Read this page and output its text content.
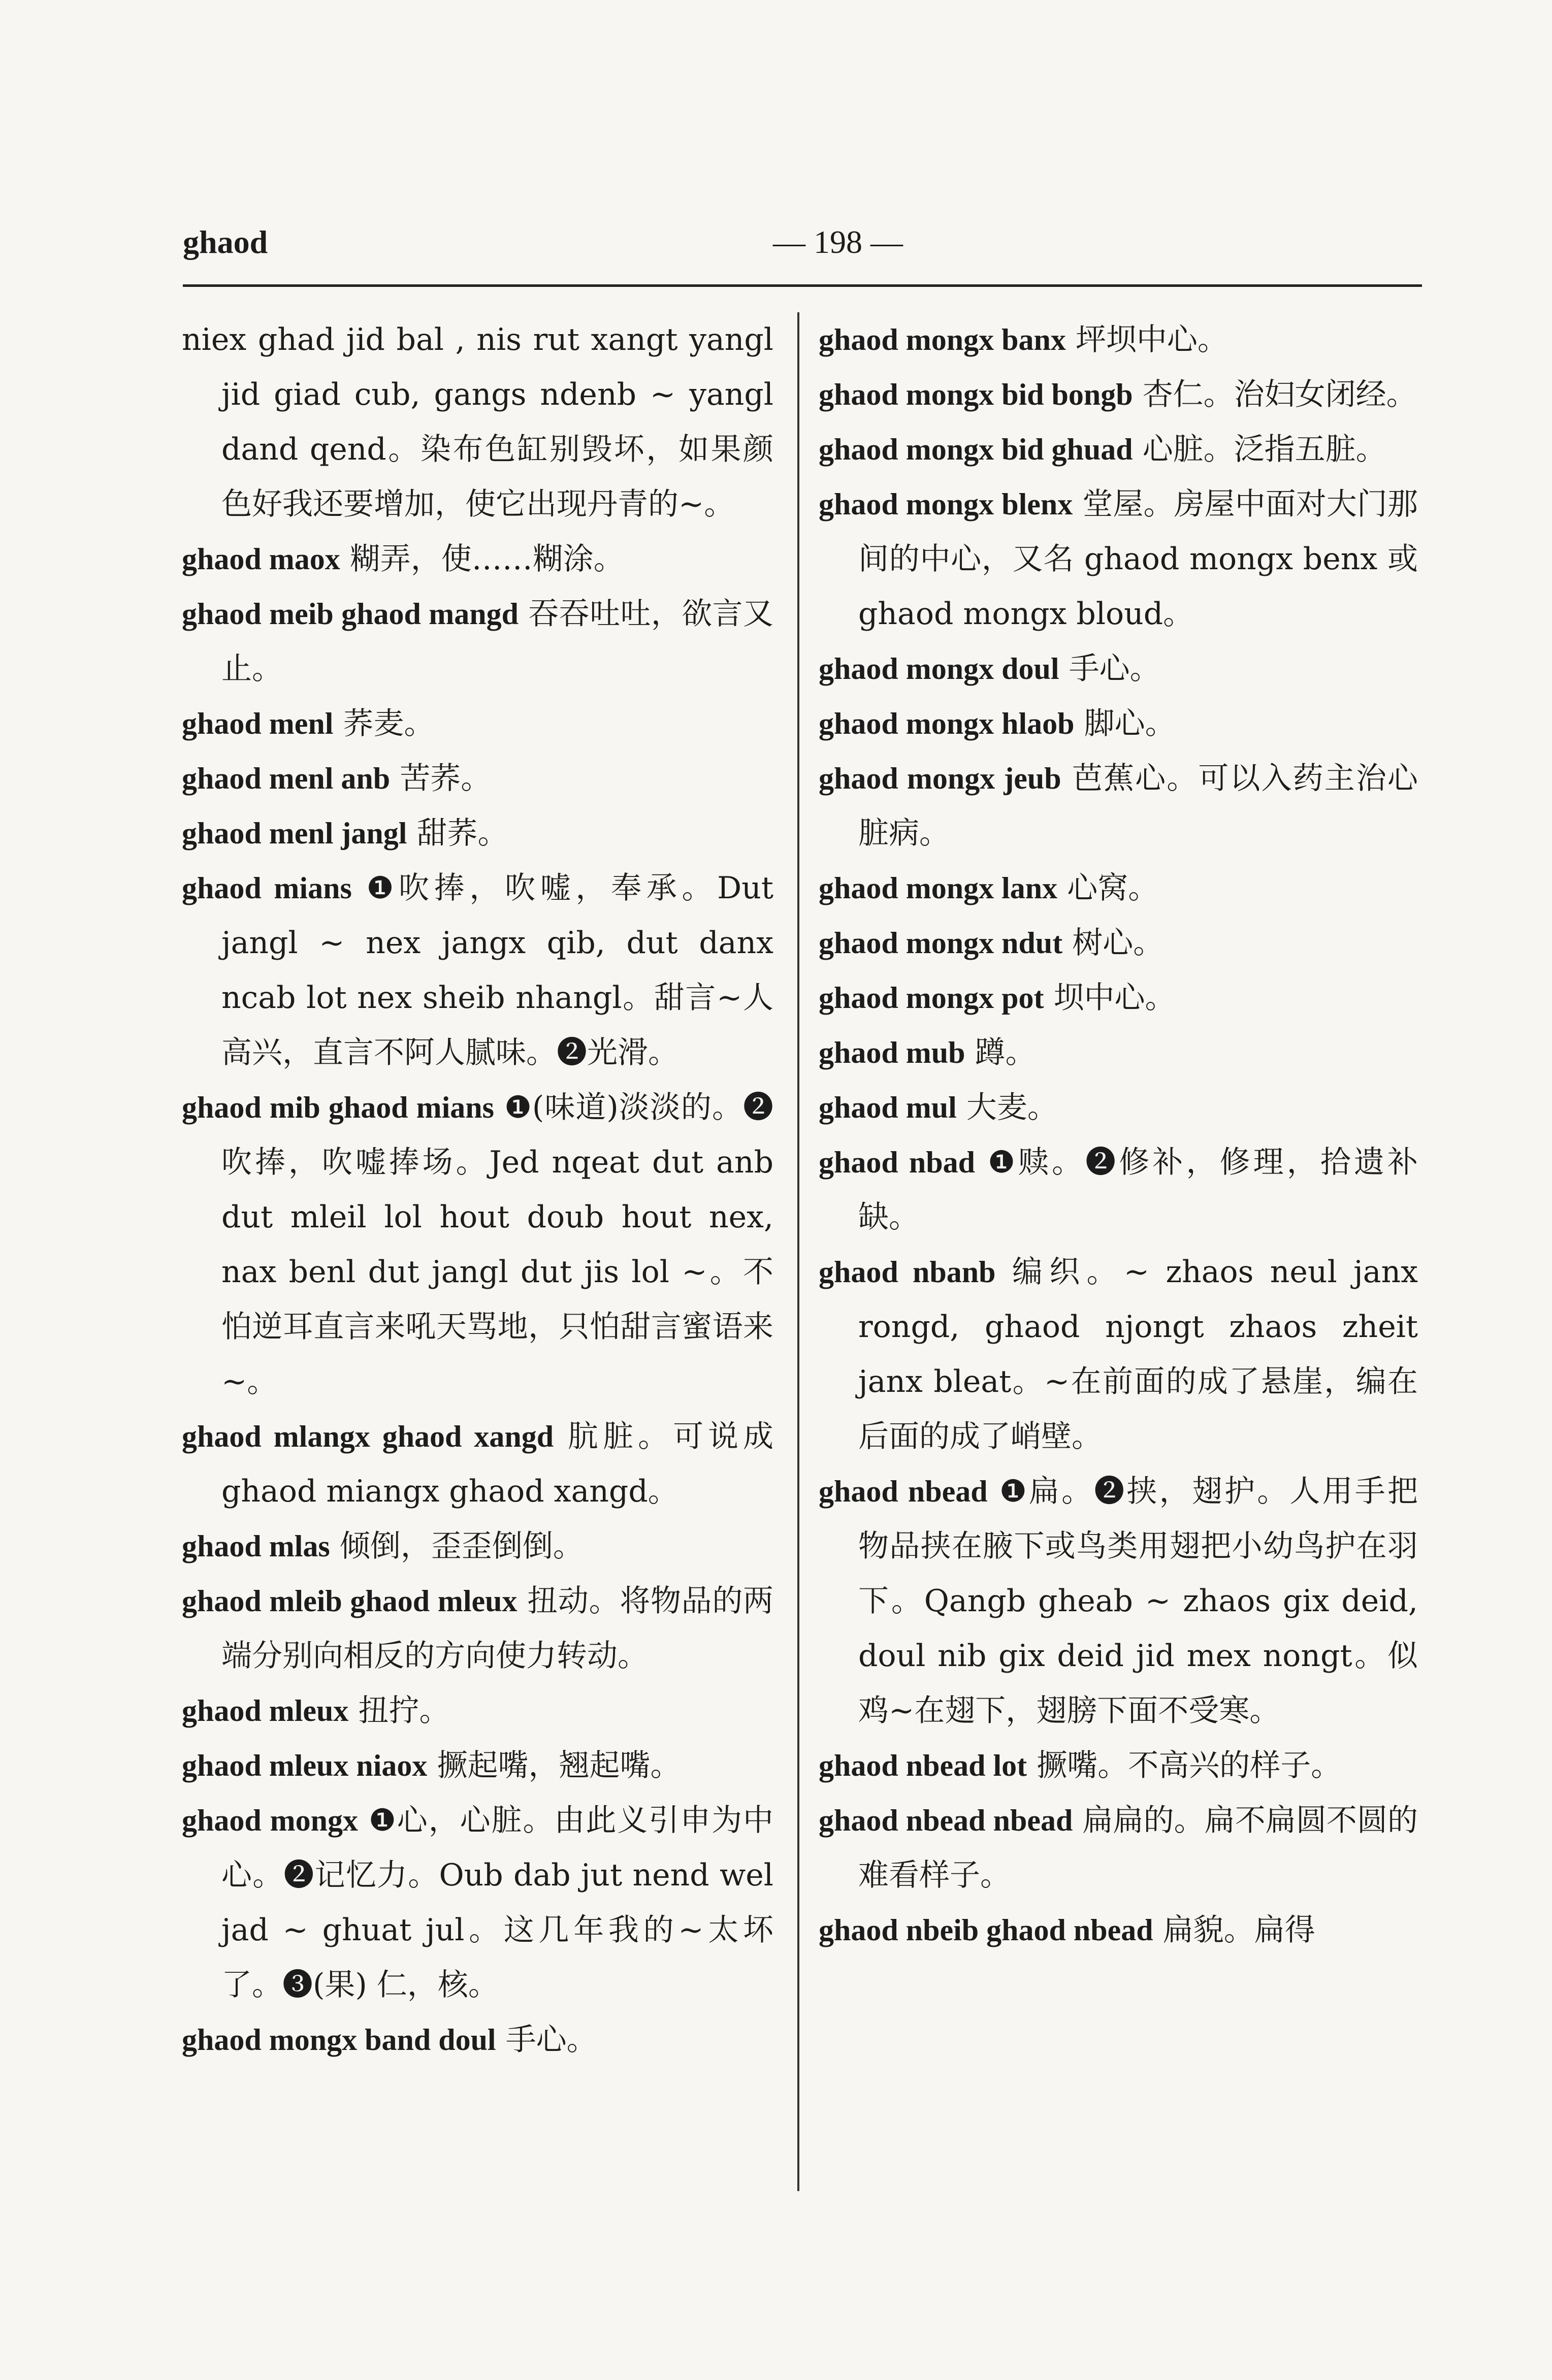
ghaod	— 198 —
niex ghad jid bal , nis rut xangt yangl jid giad cub, gangs ndenb ~ yangl dand qend。染布色缸别毁坏，如果颜色好我还要增加，使它出现丹青的~。
ghaod maox 糊弄，使……糊涂。
ghaod meib ghaod mangd 吞吞吐吐，欲言又止。
ghaod menl 荞麦。
ghaod menl anb 苦荞。
ghaod menl jangl 甜荞。
ghaod mians ❶吹捧，吹嘘，奉承。Dut jangl ~ nex jangx qib, dut danx ncab lot nex sheib nhangl。甜言~人高兴，直言不阿人腻味。❷光滑。
ghaod mib ghaod mians ❶(味道)淡淡的。❷吹捧，吹嘘捧场。Jed nqeat dut anb dut mleil lol hout doub hout nex, nax benl dut jangl dut jis lol ~。不怕逆耳直言来吼天骂地，只怕甜言蜜语来~。
ghaod mlangx ghaod xangd 肮脏。可说成 ghaod miangx ghaod xangd。
ghaod mlas 倾倒，歪歪倒倒。
ghaod mleib ghaod mleux 扭动。将物品的两端分别向相反的方向使力转动。
ghaod mleux 扭拧。
ghaod mleux niaox 撅起嘴，翘起嘴。
ghaod mongx ❶心，心脏。由此义引申为中心。❷记忆力。Oub dab jut nend wel jad ~ ghuat jul。这几年我的~太坏了。❸(果) 仁，核。
ghaod mongx band doul 手心。
ghaod mongx banx 坪坝中心。
ghaod mongx bid bongb 杏仁。治妇女闭经。
ghaod mongx bid ghuad 心脏。泛指五脏。
ghaod mongx blenx 堂屋。房屋中面对大门那间的中心，又名 ghaod mongx benx 或 ghaod mongx bloud。
ghaod mongx doul 手心。
ghaod mongx hlaob 脚心。
ghaod mongx jeub 芭蕉心。可以入药主治心脏病。
ghaod mongx lanx 心窝。
ghaod mongx ndut 树心。
ghaod mongx pot 坝中心。
ghaod mub 蹲。
ghaod mul 大麦。
ghaod nbad ❶赎。❷修补，修理，拾遗补缺。
ghaod nbanb 编织。~ zhaos neul janx rongd, ghaod njongt zhaos zheit janx bleat。~在前面的成了悬崖，编在后面的成了峭壁。
ghaod nbead ❶扁。❷挟，翅护。人用手把物品挟在腋下或鸟类用翅把小幼鸟护在羽下。Qangb gheab ~ zhaos gix deid, doul nib gix deid jid mex nongt。似鸡~在翅下，翅膀下面不受寒。
ghaod nbead lot 撅嘴。不高兴的样子。
ghaod nbead nbead 扁扁的。扁不扁圆不圆的难看样子。
ghaod nbeib ghaod nbead 扁貌。扁得
